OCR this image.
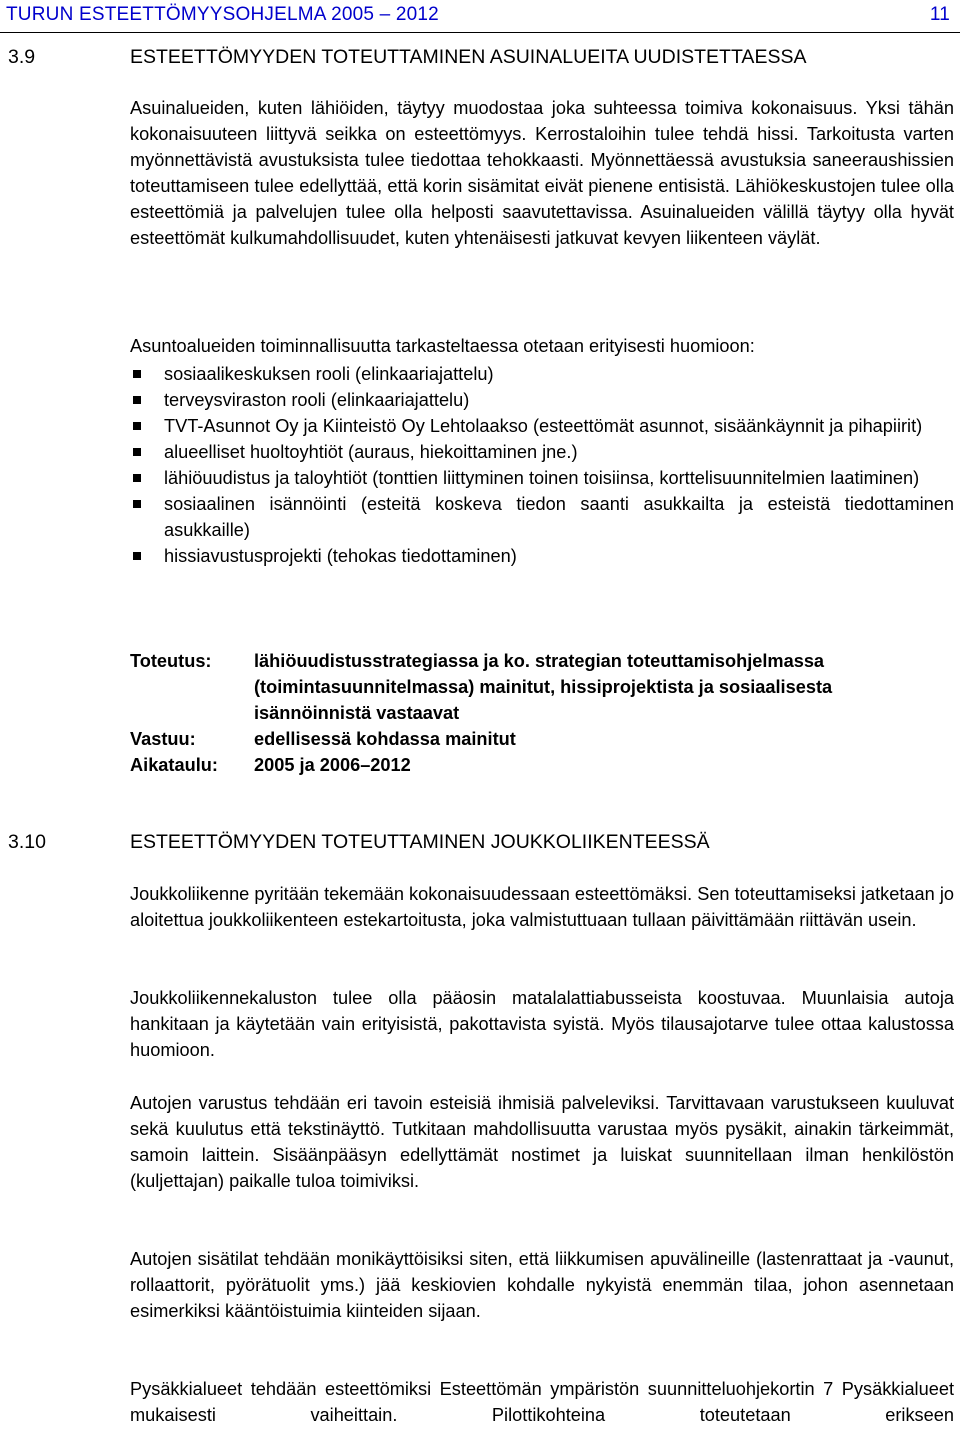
TURUN ESTEETTÖMYYSOHJELMA 2005 – 2012	11
3.9	ESTEETTÖMYYDEN TOTEUTTAMINEN ASUINALUEITA UUDISTETTAESSA
Asuinalueiden, kuten lähiöiden, täytyy muodostaa joka suhteessa toimiva kokonaisuus. Yksi tähän kokonaisuuteen liittyvä seikka on esteettömyys. Kerrostaloihin tulee tehdä hissi. Tarkoitusta varten myönnettävistä avustuksista tulee tiedottaa tehokkaasti. Myönnettäessä avustuksia saneeraushissien toteuttamiseen tulee edellyttää, että korin sisämitat eivät pienene entisistä. Lähiökeskustojen tulee olla esteettömiä ja palvelujen tulee olla helposti saavutettavissa. Asuinalueiden välillä täytyy olla hyvät esteettömät kulkumahdollisuudet, kuten yhtenäisesti jatkuvat kevyen liikenteen väylät.
Asuntoalueiden toiminnallisuutta tarkasteltaessa otetaan erityisesti huomioon:
sosiaalikeskuksen rooli (elinkaariajattelu)
terveysviraston rooli (elinkaariajattelu)
TVT-Asunnot Oy ja Kiinteistö Oy Lehtolaakso (esteettömät asunnot, sisäänkäynnit ja pihapiirit)
alueelliset huoltoyhtiöt (auraus, hiekoittaminen jne.)
lähiöuudistus ja taloyhtiöt (tonttien liittyminen toinen toisiinsa, korttelisuunnitelmien laatiminen)
sosiaalinen isännöinti (esteitä koskeva tiedon saanti asukkailta ja esteistä tiedottaminen asukkaille)
hissiavustusprojekti (tehokas tiedottaminen)
Toteutus: lähiöuudistusstrategiassa ja ko. strategian toteuttamisohjelmassa (toimintasuunnitelmassa) mainitut, hissiprojektista ja sosiaalisesta isännöinnistä vastaavat
Vastuu:	edellisessä kohdassa mainitut
Aikataulu: 2005 ja 2006–2012
3.10	ESTEETTÖMYYDEN TOTEUTTAMINEN JOUKKOLIIKENTEESSÄ
Joukkoliikenne pyritään tekemään kokonaisuudessaan esteettömäksi. Sen toteuttamiseksi jatketaan jo aloitettua joukkoliikenteen estekartoitusta, joka valmistuttuaan tullaan päivittämään riittävän usein.
Joukkoliikennekaluston tulee olla pääosin matalalattiabusseista koostuvaa. Muunlaisia autoja hankitaan ja käytetään vain erityisistä, pakottavista syistä. Myös tilausajotarve tulee ottaa kalustossa huomioon.
Autojen varustus tehdään eri tavoin esteisiä ihmisiä palveleviksi. Tarvittavaan varustukseen kuuluvat sekä kuulutus että tekstinäyttö. Tutkitaan mahdollisuutta varustaa myös pysäkit, ainakin tärkeimmät, samoin laittein. Sisäänpääsyn edellyttämät nostimet ja luiskat suunnitellaan ilman henkilöstön (kuljettajan) paikalle tuloa toimiviksi.
Autojen sisätilat tehdään monikäyttöisiksi siten, että liikkumisen apuvälineille (lastenrattaat ja -vaunut, rollaattorit, pyörätuolit yms.) jää keskiovien kohdalle nykyistä enemmän tilaa, johon asennetaan esimerkiksi kääntöistuimia kiinteiden sijaan.
Pysäkkialueet tehdään esteettömiksi Esteettömän ympäristön suunnitteluohjekortin 7 Pysäkkialueet mukaisesti vaiheittain. Pilottikohteina toteutetaan erikseen
